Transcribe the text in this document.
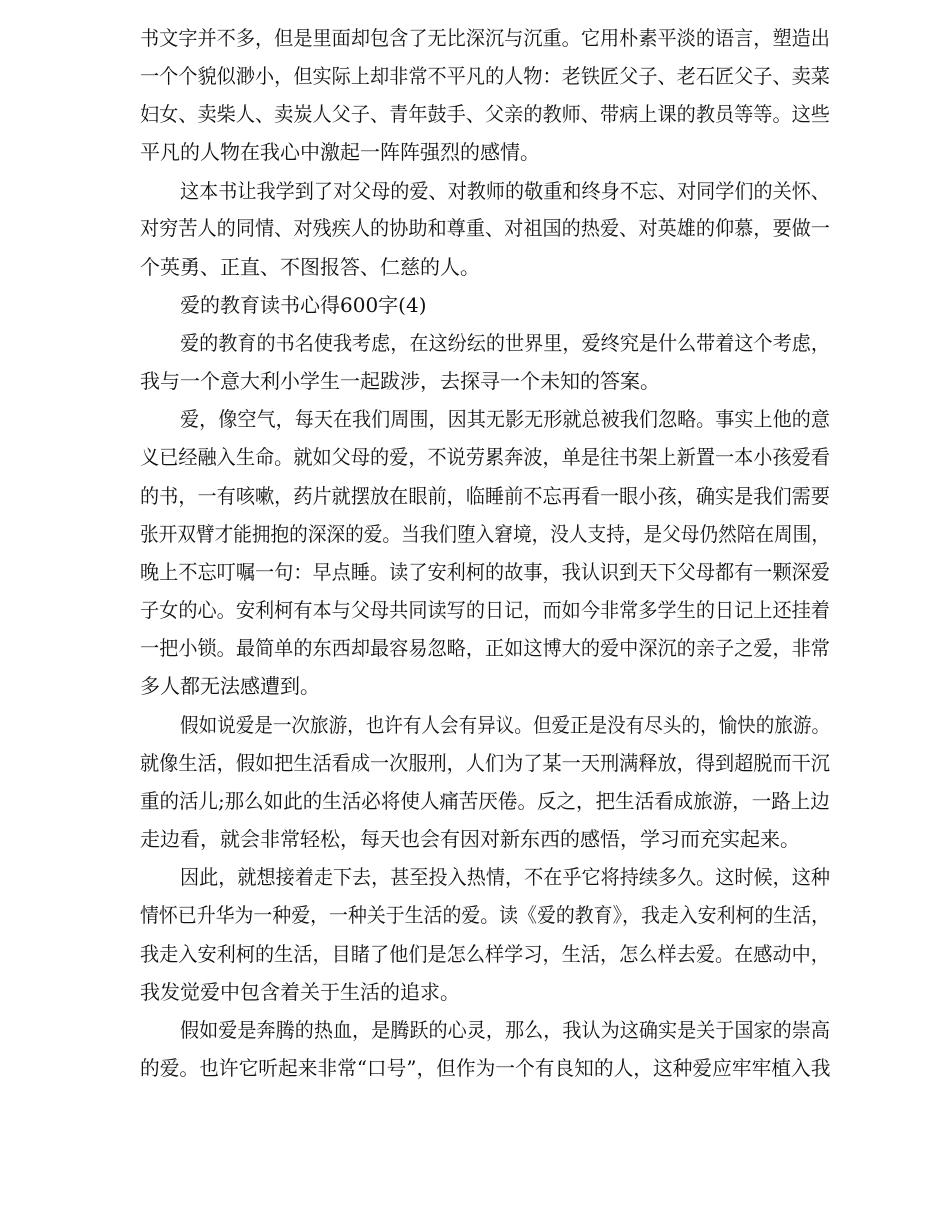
书文字并不多，但是里面却包含了无比深沉与沉重。它用朴素平淡的语言，塑造出
一个个貌似渺小，但实际上却非常不平凡的人物：老铁匠父子、老石匠父子、卖菜
妇女、卖柴人、卖炭人父子、青年鼓手、父亲的教师、带病上课的教员等等。这些
平凡的人物在我心中激起一阵阵强烈的感情。
这本书让我学到了对父母的爱、对教师的敬重和终身不忘、对同学们的关怀、
对穷苦人的同情、对残疾人的协助和尊重、对祖国的热爱、对英雄的仰慕，要做一
个英勇、正直、不图报答、仁慈的人。
爱的教育读书心得600字(4)
爱的教育的书名使我考虑，在这纷纭的世界里，爱终究是什么带着这个考虑，
我与一个意大利小学生一起跋涉，去探寻一个未知的答案。
爱，像空气，每天在我们周围，因其无影无形就总被我们忽略。事实上他的意
义已经融入生命。就如父母的爱，不说劳累奔波，单是往书架上新置一本小孩爱看
的书，一有咳嗽，药片就摆放在眼前，临睡前不忘再看一眼小孩，确实是我们需要
张开双臂才能拥抱的深深的爱。当我们堕入窘境，没人支持，是父母仍然陪在周围，
晚上不忘叮嘱一句：早点睡。读了安利柯的故事，我认识到天下父母都有一颗深爱
子女的心。安利柯有本与父母共同读写的日记，而如今非常多学生的日记上还挂着
一把小锁。最简单的东西却最容易忽略，正如这博大的爱中深沉的亲子之爱，非常
多人都无法感遭到。
假如说爱是一次旅游，也许有人会有异议。但爱正是没有尽头的，愉快的旅游。
就像生活，假如把生活看成一次服刑，人们为了某一天刑满释放，得到超脱而干沉
重的活儿;那么如此的生活必将使人痛苦厌倦。反之，把生活看成旅游，一路上边
走边看，就会非常轻松，每天也会有因对新东西的感悟，学习而充实起来。
因此，就想接着走下去，甚至投入热情，不在乎它将持续多久。这时候，这种
情怀已升华为一种爱，一种关于生活的爱。读《爱的教育》，我走入安利柯的生活，
我走入安利柯的生活，目睹了他们是怎么样学习，生活，怎么样去爱。在感动中，
我发觉爱中包含着关于生活的追求。
假如爱是奔腾的热血，是腾跃的心灵，那么，我认为这确实是关于国家的崇高
的爱。也许它听起来非常“口号”，但作为一个有良知的人，这种爱应牢牢植入我
